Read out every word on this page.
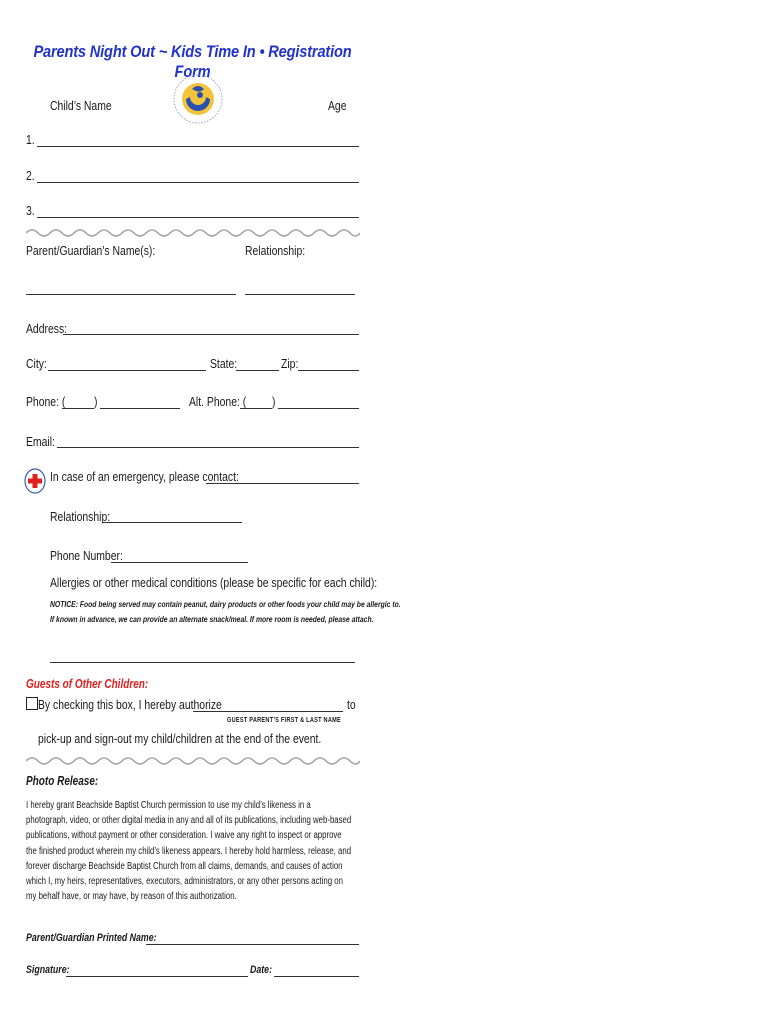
Parents Night Out ~ Kids Time In • Registration Form
Child’s Name	Age
1.
2.
3.
Parent/Guardian’s Name(s):	Relationship:
Address:
City:	State:	Zip:
Phone: ( )	Alt. Phone: ( )
Email:
In case of an emergency, please contact:
Relationship:
Phone Number:
Allergies or other medical conditions (please be specific for each child):
NOTICE: Food being served may contain peanut, dairy products or other foods your child may be allergic to.
If known in advance, we can provide an alternate snack/meal. If more room is needed, please attach.
Guests of Other Children:
By checking this box, I hereby authorize	to
GUEST PARENT’S FIRST & LAST NAME
pick-up and sign-out my child/children at the end of the event.
Photo Release:
I hereby grant Beachside Baptist Church permission to use my child’s likeness in a photograph, video, or other digital media in any and all of its publications, including web-based publications, without payment or other consideration. I waive any right to inspect or approve the finished product wherein my child’s likeness appears. I hereby hold harmless, release, and forever discharge Beachside Baptist Church from all claims, demands, and causes of action which I, my heirs, representatives, executors, administrators, or any other persons acting on my behalf have, or may have, by reason of this authorization.
Parent/Guardian Printed Name:
Signature:	Date:
